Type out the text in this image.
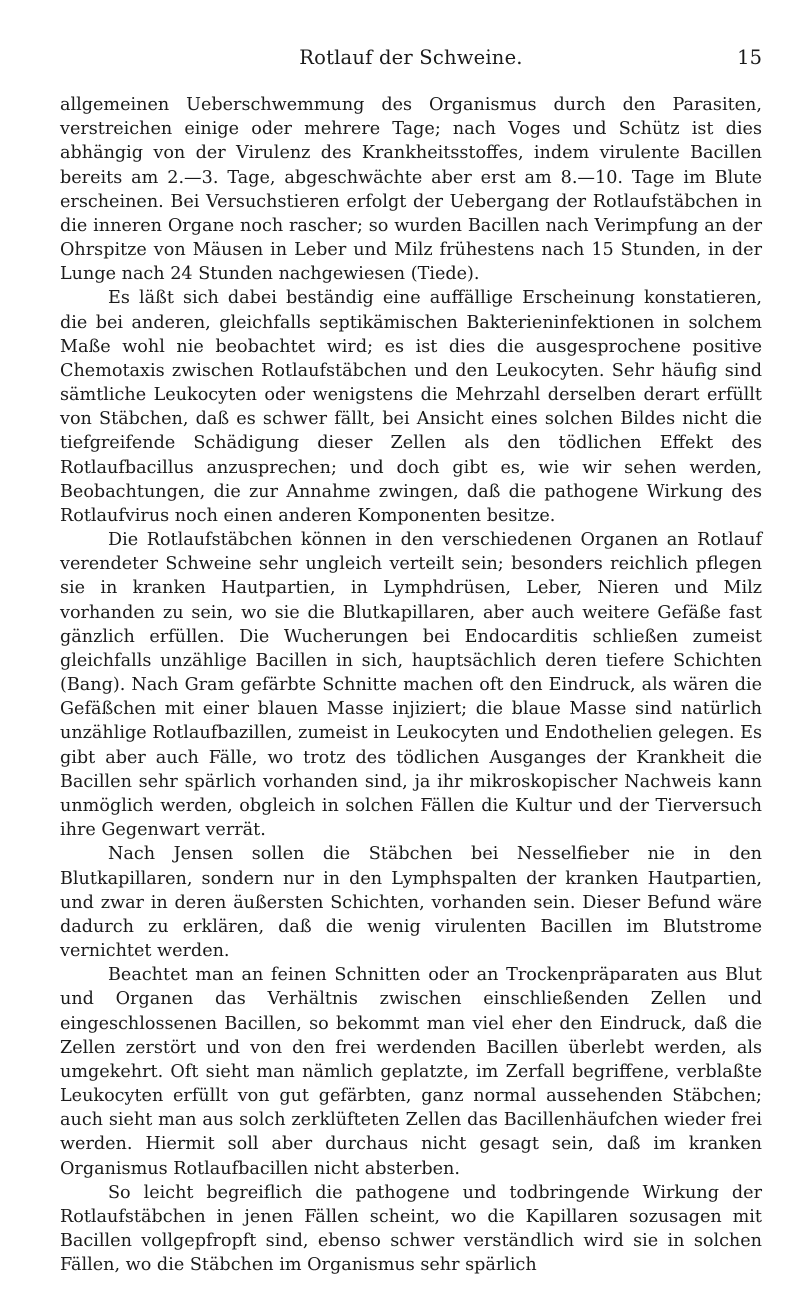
Rotlauf der Schweine.	15

allgemeinen Ueberschwemmung des Organismus durch den Parasiten, verstreichen einige oder mehrere Tage; nach Voges und Schütz ist dies abhängig von der Virulenz des Krankheitsstoffes, indem virulente Bacillen bereits am 2.—3. Tage, abgeschwächte aber erst am 8.—10. Tage im Blute erscheinen. Bei Versuchstieren erfolgt der Uebergang der Rotlaufstäbchen in die inneren Organe noch rascher; so wurden Bacillen nach Verimpfung an der Ohrspitze von Mäusen in Leber und Milz frühestens nach 15 Stunden, in der Lunge nach 24 Stunden nachgewiesen (Tiede).

Es läßt sich dabei beständig eine auffällige Erscheinung konstatieren, die bei anderen, gleichfalls septikämischen Bakterieninfektionen in solchem Maße wohl nie beobachtet wird; es ist dies die ausgesprochene positive Chemotaxis zwischen Rotlaufstäbchen und den Leukocyten. Sehr häufig sind sämtliche Leukocyten oder wenigstens die Mehrzahl derselben derart erfüllt von Stäbchen, daß es schwer fällt, bei Ansicht eines solchen Bildes nicht die tiefgreifende Schädigung dieser Zellen als den tödlichen Effekt des Rotlaufbacillus anzusprechen; und doch gibt es, wie wir sehen werden, Beobachtungen, die zur Annahme zwingen, daß die pathogene Wirkung des Rotlaufvirus noch einen anderen Komponenten besitze.

Die Rotlaufstäbchen können in den verschiedenen Organen an Rotlauf verendeter Schweine sehr ungleich verteilt sein; besonders reichlich pflegen sie in kranken Hautpartien, in Lymphdrüsen, Leber, Nieren und Milz vorhanden zu sein, wo sie die Blutkapillaren, aber auch weitere Gefäße fast gänzlich erfüllen. Die Wucherungen bei Endocarditis schließen zumeist gleichfalls unzählige Bacillen in sich, hauptsächlich deren tiefere Schichten (Bang). Nach Gram gefärbte Schnitte machen oft den Eindruck, als wären die Gefäßchen mit einer blauen Masse injiziert; die blaue Masse sind natürlich unzählige Rotlaufbazillen, zumeist in Leukocyten und Endothelien gelegen. Es gibt aber auch Fälle, wo trotz des tödlichen Ausganges der Krankheit die Bacillen sehr spärlich vorhanden sind, ja ihr mikroskopischer Nachweis kann unmöglich werden, obgleich in solchen Fällen die Kultur und der Tierversuch ihre Gegenwart verrät.

Nach Jensen sollen die Stäbchen bei Nesselfieber nie in den Blutkapillaren, sondern nur in den Lymphspalten der kranken Hautpartien, und zwar in deren äußersten Schichten, vorhanden sein. Dieser Befund wäre dadurch zu erklären, daß die wenig virulenten Bacillen im Blutstrome vernichtet werden.

Beachtet man an feinen Schnitten oder an Trockenpräparaten aus Blut und Organen das Verhältnis zwischen einschließenden Zellen und eingeschlossenen Bacillen, so bekommt man viel eher den Eindruck, daß die Zellen zerstört und von den frei werdenden Bacillen überlebt werden, als umgekehrt. Oft sieht man nämlich geplatzte, im Zerfall begriffene, verblaßte Leukocyten erfüllt von gut gefärbten, ganz normal aussehenden Stäbchen; auch sieht man aus solch zerklüfteten Zellen das Bacillenhäufchen wieder frei werden. Hiermit soll aber durchaus nicht gesagt sein, daß im kranken Organismus Rotlaufbacillen nicht absterben.

So leicht begreiflich die pathogene und todbringende Wirkung der Rotlaufstäbchen in jenen Fällen scheint, wo die Kapillaren sozusagen mit Bacillen vollgepfropft sind, ebenso schwer verständlich wird sie in solchen Fällen, wo die Stäbchen im Organismus sehr spärlich
